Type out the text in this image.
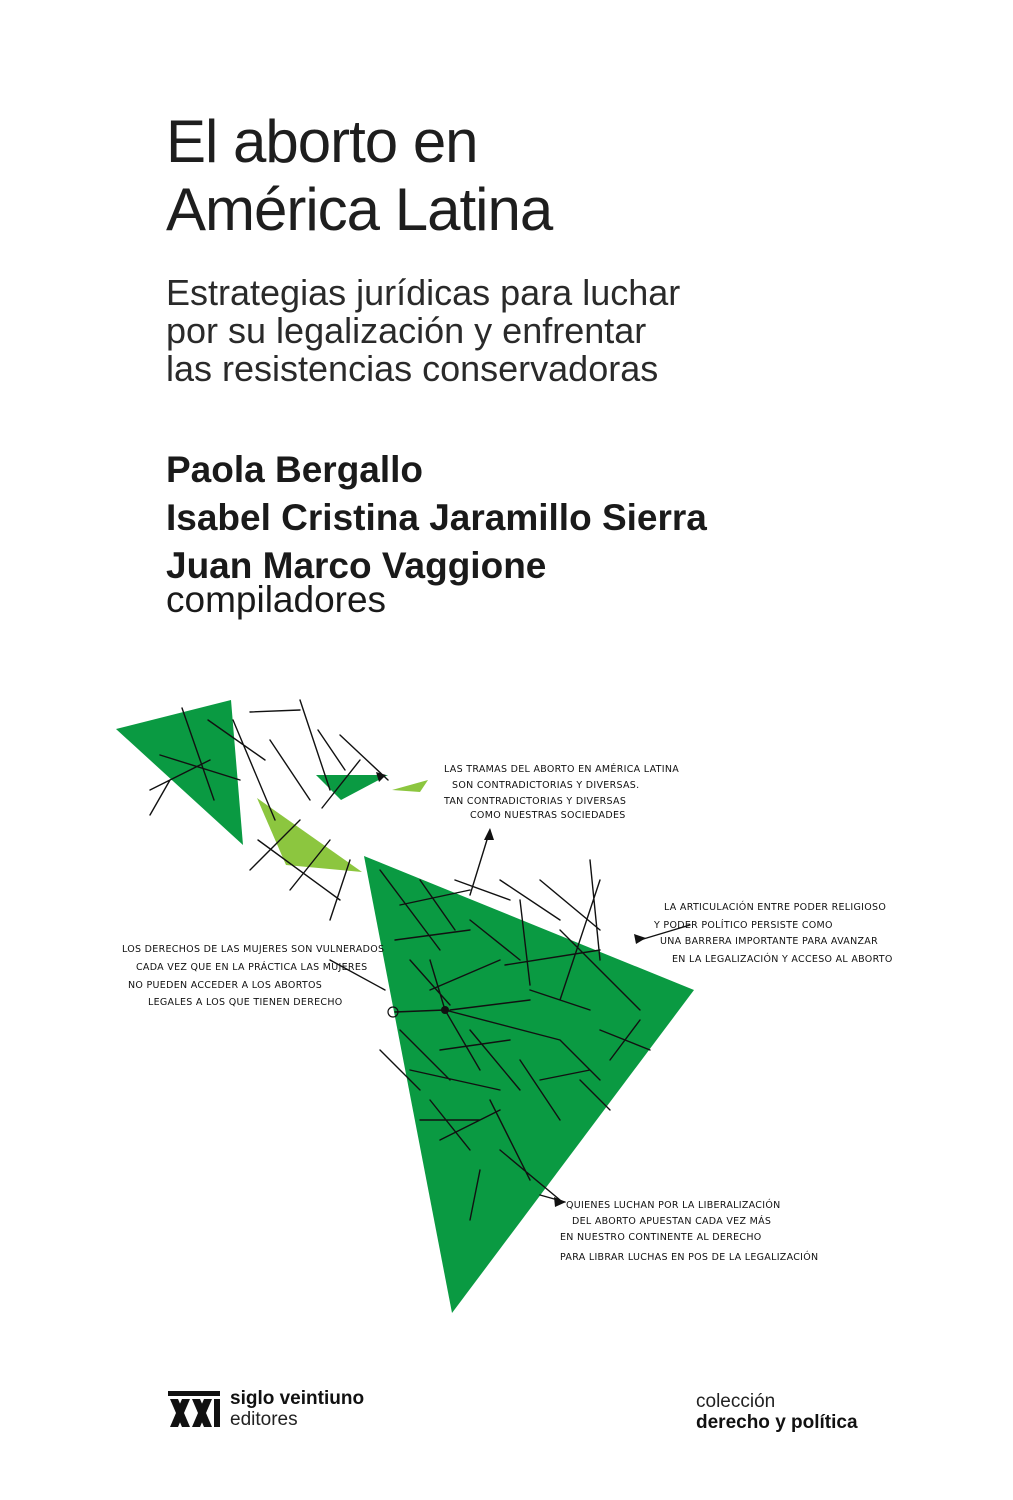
El aborto en
América Latina
Estrategias jurídicas para luchar
por su legalización y enfrentar
las resistencias conservadoras
Paola Bergallo
Isabel Cristina Jaramillo Sierra
Juan Marco Vaggione
compiladores
LAS TRAMAS DEL ABORTO EN AMÉRICA LATINA SON CONTRADICTORIAS Y DIVERSAS. TAN CONTRADICTORIAS Y DIVERSAS COMO NUESTRAS SOCIEDADES
LA ARTICULACIÓN ENTRE PODER RELIGIOSO Y PODER POLÍTICO PERSISTE COMO UNA BARRERA IMPORTANTE PARA AVANZAR EN LA LEGALIZACIÓN Y ACCESO AL ABORTO
LOS DERECHOS DE LAS MUJERES SON VULNERADOS CADA VEZ QUE EN LA PRÁCTICA LAS MUJERES NO PUEDEN ACCEDER A LOS ABORTOS LEGALES A LOS QUE TIENEN DERECHO
QUIENES LUCHAN POR LA LIBERALIZACIÓN DEL ABORTO APUESTAN CADA VEZ MÁS EN NUESTRO CONTINENTE AL DERECHO PARA LIBRAR LUCHAS EN POS DE LA LEGALIZACIÓN
siglo veintiuno
editores
colección
derecho y política
